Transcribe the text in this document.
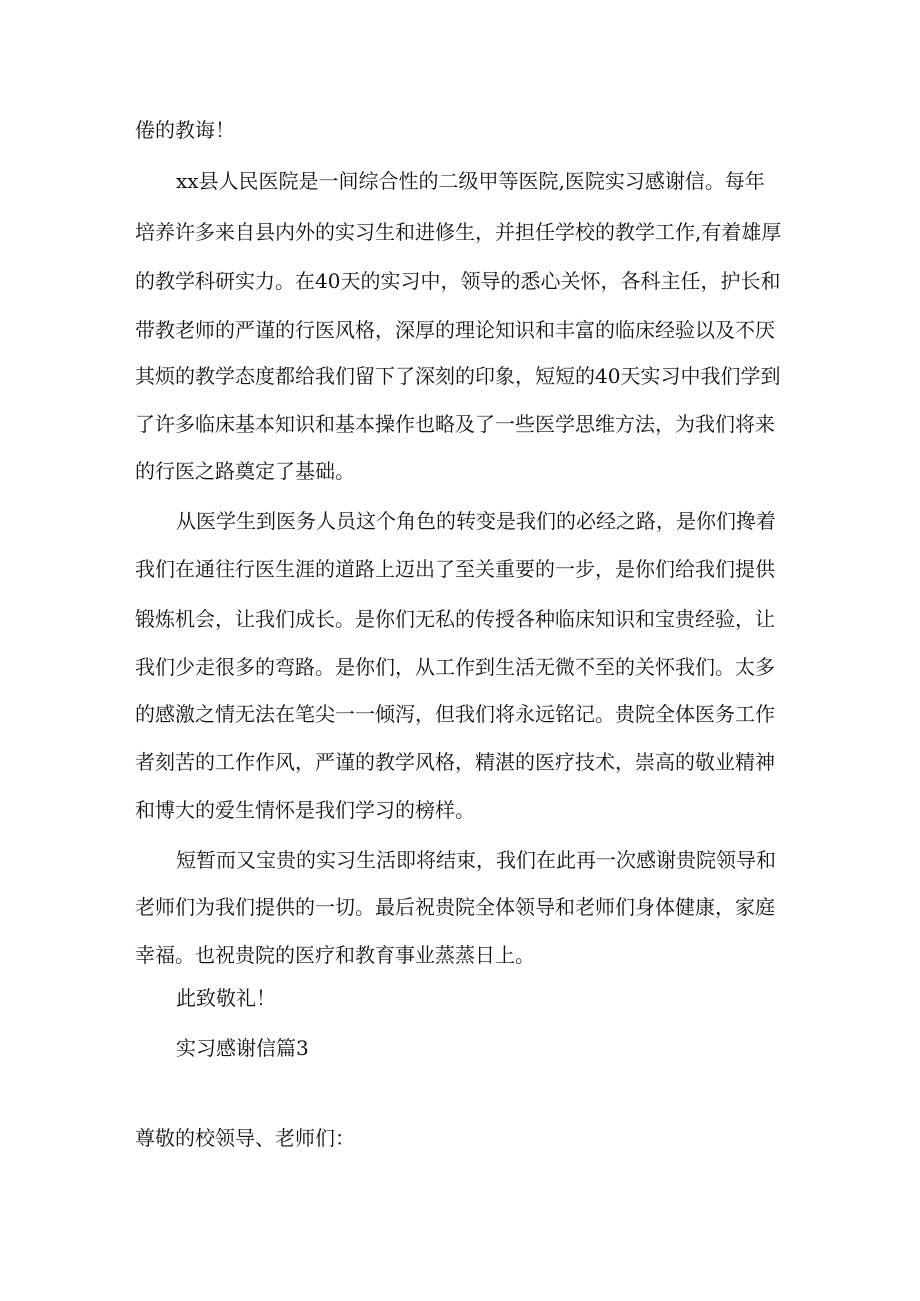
倦的教诲！
xx县人民医院是一间综合性的二级甲等医院,医院实习感谢信。每年
培养许多来自县内外的实习生和进修生，并担任学校的教学工作,有着雄厚
的教学科研实力。在40天的实习中，领导的悉心关怀，各科主任，护长和
带教老师的严谨的行医风格，深厚的理论知识和丰富的临床经验以及不厌
其烦的教学态度都给我们留下了深刻的印象，短短的40天实习中我们学到
了许多临床基本知识和基本操作也略及了一些医学思维方法，为我们将来
的行医之路奠定了基础。
从医学生到医务人员这个角色的转变是我们的必经之路，是你们搀着
我们在通往行医生涯的道路上迈出了至关重要的一步，是你们给我们提供
锻炼机会，让我们成长。是你们无私的传授各种临床知识和宝贵经验，让
我们少走很多的弯路。是你们，从工作到生活无微不至的关怀我们。太多
的感激之情无法在笔尖一一倾泻，但我们将永远铭记。贵院全体医务工作
者刻苦的工作作风，严谨的教学风格，精湛的医疗技术，崇高的敬业精神
和博大的爱生情怀是我们学习的榜样。
短暂而又宝贵的实习生活即将结束，我们在此再一次感谢贵院领导和
老师们为我们提供的一切。最后祝贵院全体领导和老师们身体健康，家庭
幸福。也祝贵院的医疗和教育事业蒸蒸日上。
此致敬礼！
实习感谢信篇3
尊敬的校领导、老师们：
